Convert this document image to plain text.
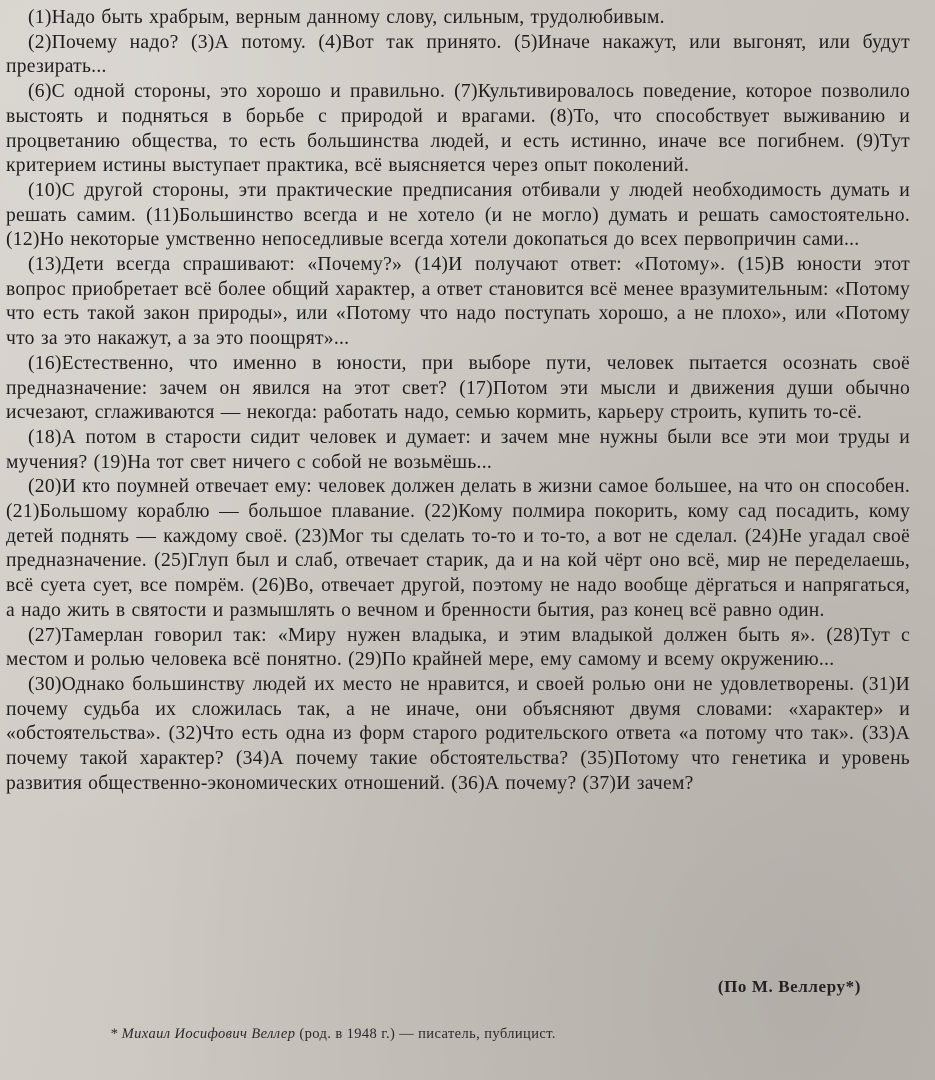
(1)Надо быть храбрым, верным данному слову, сильным, трудолюбивым.

(2)Почему надо? (3)А потому. (4)Вот так принято. (5)Иначе накажут, или выгонят, или будут презирать...

(6)С одной стороны, это хорошо и правильно. (7)Культивировалось поведение, которое позволило выстоять и подняться в борьбе с природой и врагами. (8)То, что способствует выживанию и процветанию общества, то есть большинства людей, и есть истинно, иначе все погибнем. (9)Тут критерием истины выступает практика, всё выясняется через опыт поколений.

(10)С другой стороны, эти практические предписания отбивали у людей необходимость думать и решать самим. (11)Большинство всегда и не хотело (и не могло) думать и решать самостоятельно. (12)Но некоторые умственно непоседливые всегда хотели докопаться до всех первопричин сами...

(13)Дети всегда спрашивают: «Почему?» (14)И получают ответ: «Потому». (15)В юности этот вопрос приобретает всё более общий характер, а ответ становится всё менее вразумительным: «Потому что есть такой закон природы», или «Потому что надо поступать хорошо, а не плохо», или «Потому что за это накажут, а за это поощрят»...

(16)Естественно, что именно в юности, при выборе пути, человек пытается осознать своё предназначение: зачем он явился на этот свет? (17)Потом эти мысли и движения души обычно исчезают, сглаживаются — некогда: работать надо, семью кормить, карьеру строить, купить то-сё.

(18)А потом в старости сидит человек и думает: и зачем мне нужны были все эти мои труды и мучения? (19)На тот свет ничего с собой не возьмёшь...

(20)И кто поумней отвечает ему: человек должен делать в жизни самое большее, на что он способен. (21)Большому кораблю — большое плавание. (22)Кому полмира покорить, кому сад посадить, кому детей поднять — каждому своё. (23)Мог ты сделать то-то и то-то, а вот не сделал. (24)Не угадал своё предназначение. (25)Глуп был и слаб, отвечает старик, да и на кой чёрт оно всё, мир не переделаешь, всё суета сует, все помрём. (26)Во, отвечает другой, поэтому не надо вообще дёргаться и напрягаться, а надо жить в святости и размышлять о вечном и бренности бытия, раз конец всё равно один.

(27)Тамерлан говорил так: «Миру нужен владыка, и этим владыкой должен быть я». (28)Тут с местом и ролью человека всё понятно. (29)По крайней мере, ему самому и всему окружению...

(30)Однако большинству людей их место не нравится, и своей ролью они не удовлетворены. (31)И почему судьба их сложилась так, а не иначе, они объясняют двумя словами: «характер» и «обстоятельства». (32)Что есть одна из форм старого родительского ответа «а потому что так». (33)А почему такой характер? (34)А почему такие обстоятельства? (35)Потому что генетика и уровень развития общественно-экономических отношений. (36)А почему? (37)И зачем?

(По М. Веллеру*)
* Михаил Иосифович Веллер (род. в 1948 г.) — писатель, публицист.
